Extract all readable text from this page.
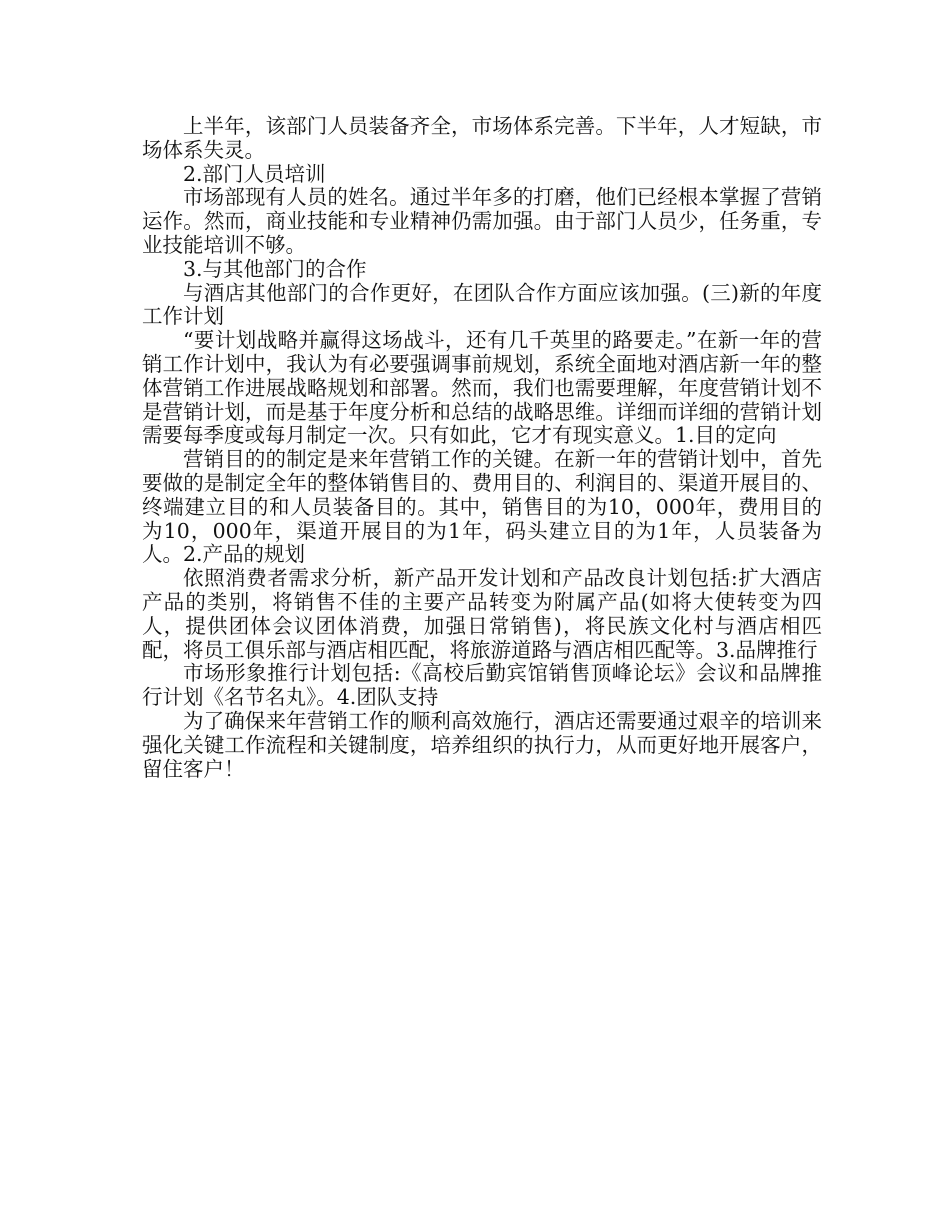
上半年，该部门人员装备齐全，市场体系完善。下半年，人才短缺，市场体系失灵。

2.部门人员培训

市场部现有人员的姓名。通过半年多的打磨，他们已经根本掌握了营销运作。然而，商业技能和专业精神仍需加强。由于部门人员少，任务重，专业技能培训不够。

3.与其他部门的合作

与酒店其他部门的合作更好，在团队合作方面应该加强。(三)新的年度工作计划

“要计划战略并赢得这场战斗，还有几千英里的路要走。”在新一年的营销工作计划中，我认为有必要强调事前规划，系统全面地对酒店新一年的整体营销工作进展战略规划和部署。然而，我们也需要理解，年度营销计划不是营销计划，而是基于年度分析和总结的战略思维。详细而详细的营销计划需要每季度或每月制定一次。只有如此，它才有现实意义。1.目的定向

营销目的的制定是来年营销工作的关键。在新一年的营销计划中，首先要做的是制定全年的整体销售目的、费用目的、利润目的、渠道开展目的、终端建立目的和人员装备目的。其中，销售目的为10，000年，费用目的为10，000年，渠道开展目的为1年，码头建立目的为1年，人员装备为人。2.产品的规划

依照消费者需求分析，新产品开发计划和产品改良计划包括:扩大酒店产品的类别，将销售不佳的主要产品转变为附属产品(如将大使转变为四人，提供团体会议团体消费，加强日常销售)，将民族文化村与酒店相匹配，将员工俱乐部与酒店相匹配，将旅游道路与酒店相匹配等。3.品牌推行

市场形象推行计划包括:《高校后勤宾馆销售顶峰论坛》会议和品牌推行计划《名节名丸》。4.团队支持

为了确保来年营销工作的顺利高效施行，酒店还需要通过艰辛的培训来强化关键工作流程和关键制度，培养组织的执行力，从而更好地开展客户，留住客户！
